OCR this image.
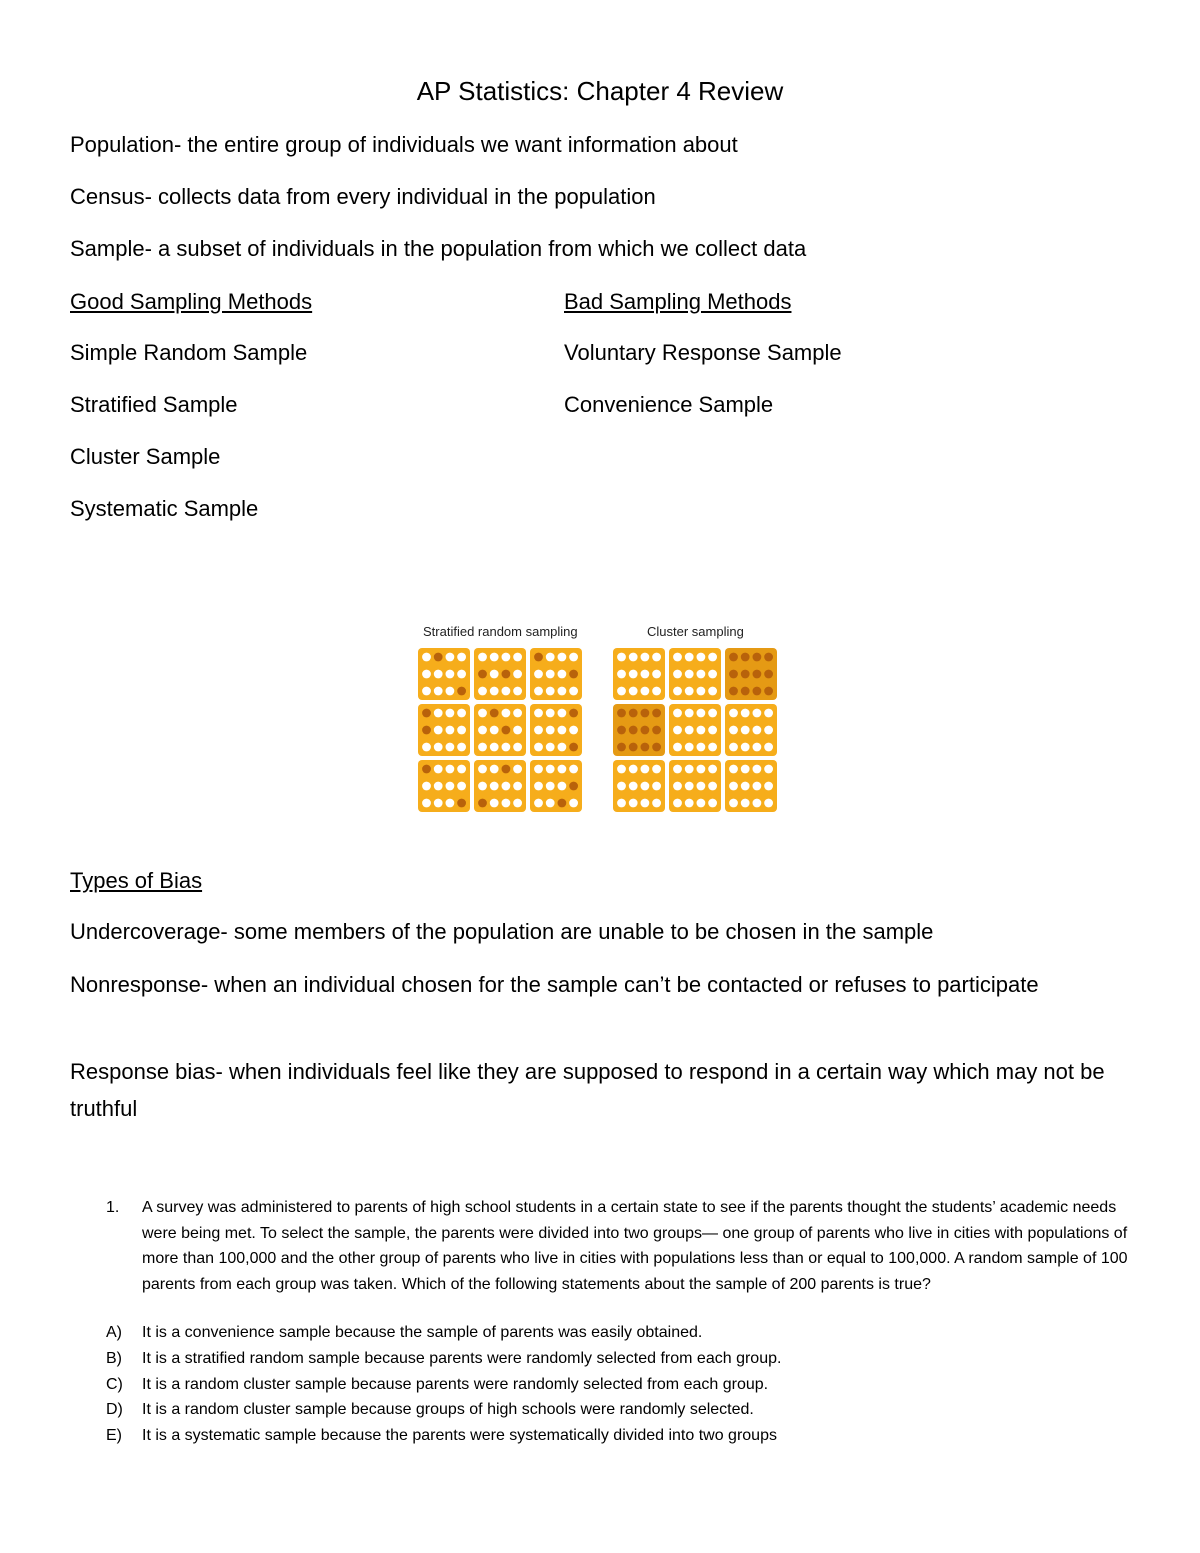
AP Statistics: Chapter 4 Review
Population- the entire group of individuals we want information about
Census- collects data from every individual in the population
Sample- a subset of individuals in the population from which we collect data
Good Sampling Methods	Bad Sampling Methods
Simple Random Sample
Stratified Sample
Cluster Sample
Systematic Sample
Voluntary Response Sample
Convenience Sample
Stratified random sampling	Cluster sampling
Types of Bias
Undercoverage- some members of the population are unable to be chosen in the sample
Nonresponse- when an individual chosen for the sample can’t be contacted or refuses to participate
Response bias- when individuals feel like they are supposed to respond in a certain way which may not be truthful
1. A survey was administered to parents of high school students in a certain state to see if the parents thought the students’ academic needs were being met. To select the sample, the parents were divided into two groups— one group of parents who live in cities with populations of more than 100,000 and the other group of parents who live in cities with populations less than or equal to 100,000. A random sample of 100 parents from each group was taken. Which of the following statements about the sample of 200 parents is true?
A) It is a convenience sample because the sample of parents was easily obtained.
B) It is a stratified random sample because parents were randomly selected from each group.
C) It is a random cluster sample because parents were randomly selected from each group.
D) It is a random cluster sample because groups of high schools were randomly selected.
E) It is a systematic sample because the parents were systematically divided into two groups
